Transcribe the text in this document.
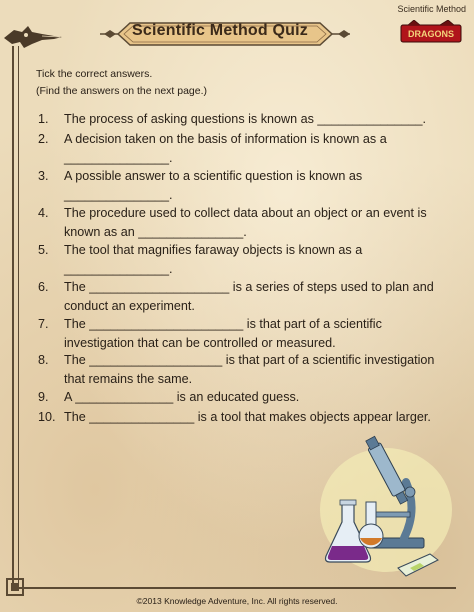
Scientific Method
Scientific Method Quiz	DRAGONS
Tick the correct answers.
(Find the answers on the next page.)
1.	The process of asking questions is known as _______________.
2.	A decision taken on the basis of information is known as a
_______________.
3.	A possible answer to a scientific question is known as
_______________.
4.	The procedure used to collect data about an object or an event is
known as an _______________.
5.	The tool that magnifies faraway objects is known as a
_______________.
6.	The ____________________ is a series of steps used to plan and
conduct an experiment.
7.	The ______________________ is that part of a scientific
investigation that can be controlled or measured.
8.	The ___________________ is that part of a scientific investigation
that remains the same.
9.	A ______________ is an educated guess.
10. The _______________ is a tool that makes objects appear larger.
©2013 Knowledge Adventure, Inc. All rights reserved.
